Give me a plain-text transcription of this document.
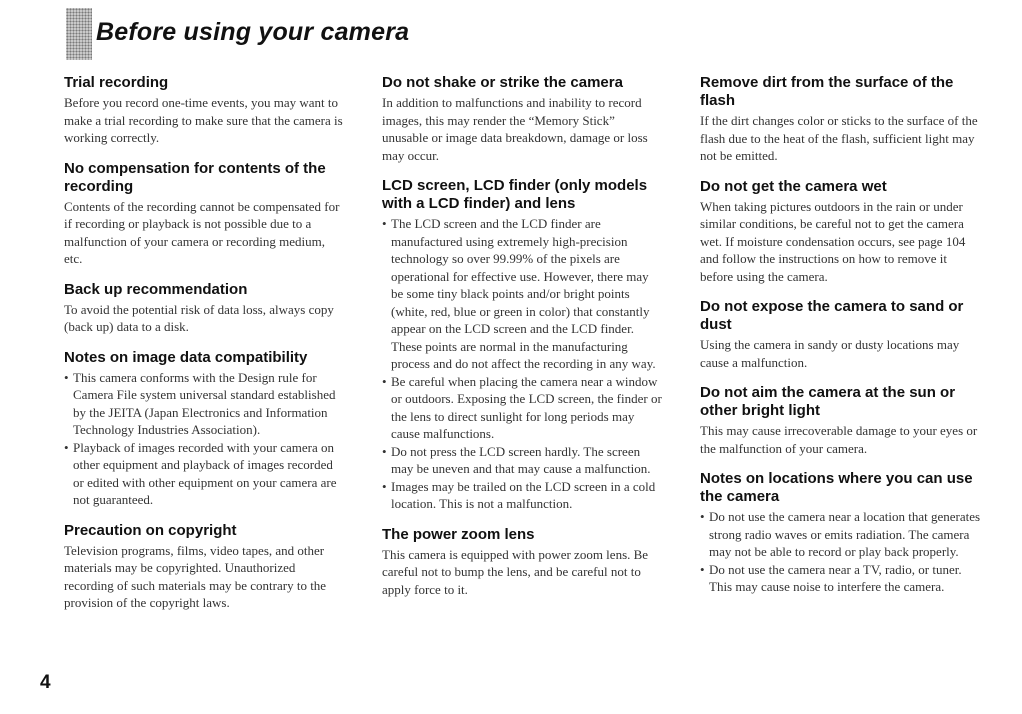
Before using your camera
Trial recording

Before you record one-time events, you may want to make a trial recording to make sure that the camera is working correctly.

No compensation for contents of the recording

Contents of the recording cannot be compensated for if recording or playback is not possible due to a malfunction of your camera or recording medium, etc.

Back up recommendation

To avoid the potential risk of data loss, always copy (back up) data to a disk.

Notes on image data compatibility
• This camera conforms with the Design rule for Camera File system universal standard established by the JEITA (Japan Electronics and Information Technology Industries Association).
• Playback of images recorded with your camera on other equipment and playback of images recorded or edited with other equipment on your camera are not guaranteed.
Precaution on copyright

Television programs, films, video tapes, and other materials may be copyrighted. Unauthorized recording of such materials may be contrary to the provision of the copyright laws.

Do not shake or strike the camera

In addition to malfunctions and inability to record images, this may render the “Memory Stick” unusable or image data breakdown, damage or loss may occur.

LCD screen, LCD finder (only models with a LCD finder) and lens
• The LCD screen and the LCD finder are manufactured using extremely high-precision technology so over 99.99% of the pixels are operational for effective use. However, there may be some tiny black points and/or bright points (white, red, blue or green in color) that constantly appear on the LCD screen and the LCD finder. These points are normal in the manufacturing process and do not affect the recording in any way.
• Be careful when placing the camera near a window or outdoors. Exposing the LCD screen, the finder or the lens to direct sunlight for long periods may cause malfunctions.
• Do not press the LCD screen hardly. The screen may be uneven and that may cause a malfunction.
• Images may be trailed on the LCD screen in a cold location. This is not a malfunction.
The power zoom lens

This camera is equipped with power zoom lens. Be careful not to bump the lens, and be careful not to apply force to it.

Remove dirt from the surface of the flash

If the dirt changes color or sticks to the surface of the flash due to the heat of the flash, sufficient light may not be emitted.

Do not get the camera wet

When taking pictures outdoors in the rain or under similar conditions, be careful not to get the camera wet. If moisture condensation occurs, see page 104 and follow the instructions on how to remove it before using the camera.

Do not expose the camera to sand or dust

Using the camera in sandy or dusty locations may cause a malfunction.

Do not aim the camera at the sun or other bright light

This may cause irrecoverable damage to your eyes or the malfunction of your camera.

Notes on locations where you can use the camera
• Do not use the camera near a location that generates strong radio waves or emits radiation. The camera may not be able to record or play back properly.
• Do not use the camera near a TV, radio, or tuner. This may cause noise to interfere the camera.
4
